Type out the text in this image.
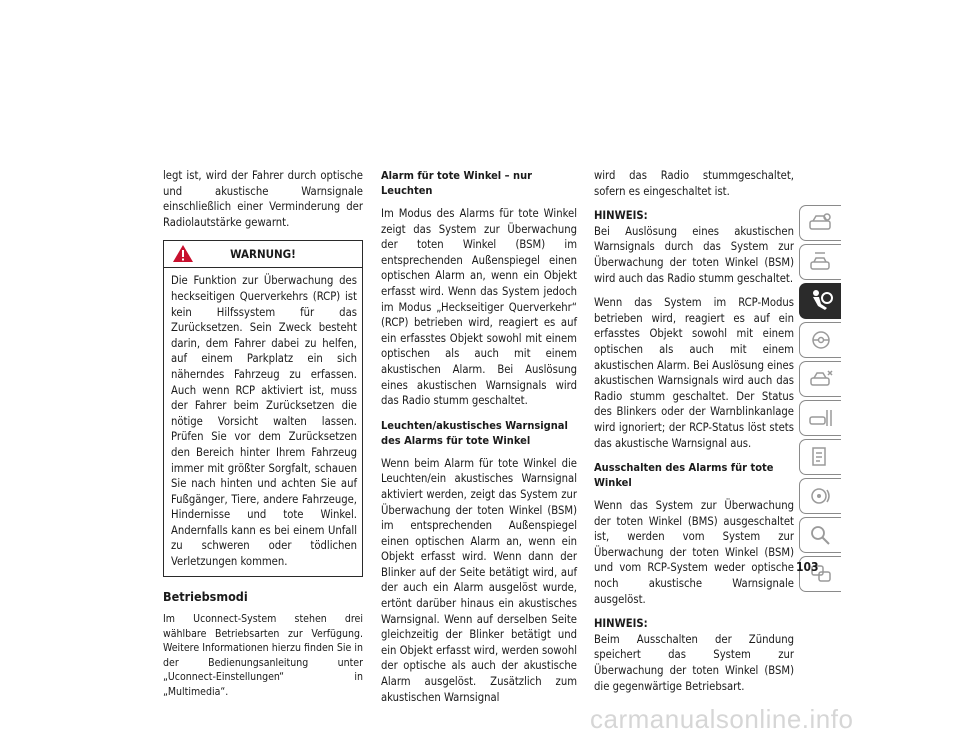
legt ist, wird der Fahrer durch optische und akustische Warnsignale einschließlich einer Verminderung der Radiolautstärke gewarnt.

WARNUNG!

Die Funktion zur Überwachung des heckseitigen Querverkehrs (RCP) ist kein Hilfssystem für das Zurücksetzen. Sein Zweck besteht darin, dem Fahrer dabei zu helfen, auf einem Parkplatz ein sich näherndes Fahrzeug zu erfassen. Auch wenn RCP aktiviert ist, muss der Fahrer beim Zurücksetzen die nötige Vorsicht walten lassen. Prüfen Sie vor dem Zurücksetzen den Bereich hinter Ihrem Fahrzeug immer mit größter Sorgfalt, schauen Sie nach hinten und achten Sie auf Fußgänger, Tiere, andere Fahrzeuge, Hindernisse und tote Winkel. Andernfalls kann es bei einem Unfall zu schweren oder tödlichen Verletzungen kommen.

Betriebsmodi

Im Uconnect-System stehen drei wählbare Betriebsarten zur Verfügung. Weitere Informationen hierzu finden Sie in der Bedienungsanleitung unter „Uconnect-Einstellungen“ in „Multimedia“.

Alarm für tote Winkel – nur Leuchten

Im Modus des Alarms für tote Winkel zeigt das System zur Überwachung der toten Winkel (BSM) im entsprechenden Außenspiegel einen optischen Alarm an, wenn ein Objekt erfasst wird. Wenn das System jedoch im Modus „Heckseitiger Querverkehr“ (RCP) betrieben wird, reagiert es auf ein erfasstes Objekt sowohl mit einem optischen als auch mit einem akustischen Alarm. Bei Auslösung eines akustischen Warnsignals wird das Radio stumm geschaltet.

Leuchten/akustisches Warnsignal des Alarms für tote Winkel

Wenn beim Alarm für tote Winkel die Leuchten/ein akustisches Warnsignal aktiviert werden, zeigt das System zur Überwachung der toten Winkel (BSM) im entsprechenden Außenspiegel einen optischen Alarm an, wenn ein Objekt erfasst wird. Wenn dann der Blinker auf der Seite betätigt wird, auf der auch ein Alarm ausgelöst wurde, ertönt darüber hinaus ein akustisches Warnsignal. Wenn auf derselben Seite gleichzeitig der Blinker betätigt und ein Objekt erfasst wird, werden sowohl der optische als auch der akustische Alarm ausgelöst. Zusätzlich zum akustischen Warnsignal

wird das Radio stummgeschaltet, sofern es eingeschaltet ist.

HINWEIS:

Bei Auslösung eines akustischen Warnsignals durch das System zur Überwachung der toten Winkel (BSM) wird auch das Radio stumm geschaltet.

Wenn das System im RCP-Modus betrieben wird, reagiert es auf ein erfasstes Objekt sowohl mit einem optischen als auch mit einem akustischen Alarm. Bei Auslösung eines akustischen Warnsignals wird auch das Radio stumm geschaltet. Der Status des Blinkers oder der Warnblinkanlage wird ignoriert; der RCP-Status löst stets das akustische Warnsignal aus.

Ausschalten des Alarms für tote Winkel

Wenn das System zur Überwachung der toten Winkel (BMS) ausgeschaltet ist, werden vom System zur Überwachung der toten Winkel (BSM) und vom RCP-System weder optische noch akustische Warnsignale ausgelöst.

HINWEIS:

Beim Ausschalten der Zündung speichert das System zur Überwachung der toten Winkel (BSM) die gegenwärtige Betriebsart.

103
carmanualsonline.info
